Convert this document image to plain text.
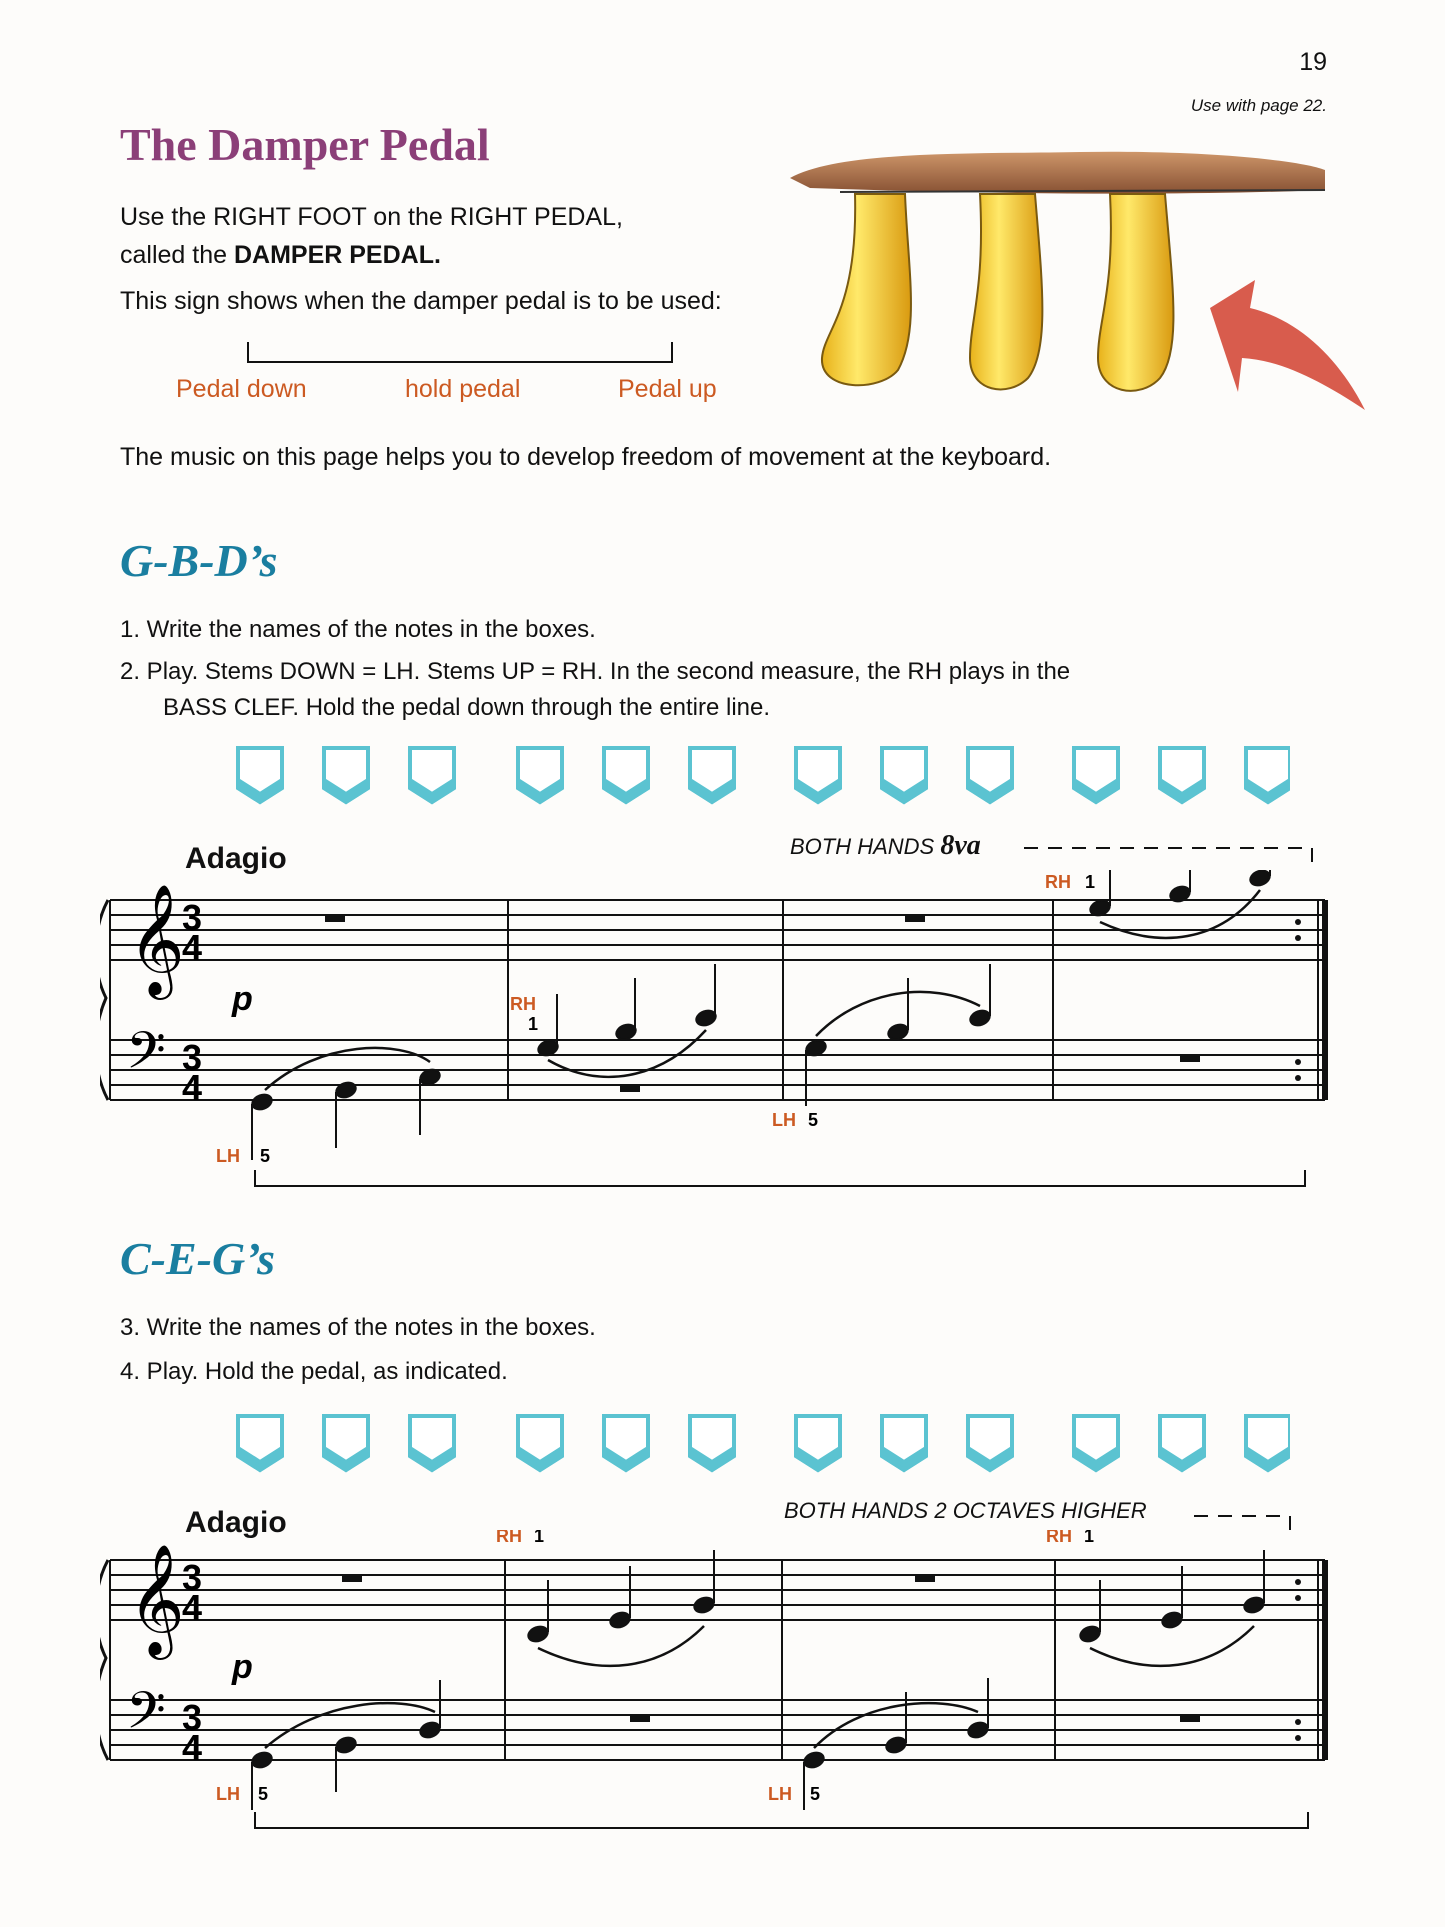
19
Use with page 22.
The Damper Pedal
Use the RIGHT FOOT on the RIGHT PEDAL,
called the DAMPER PEDAL.
This sign shows when the damper pedal is to be used:
Pedal down	hold pedal	Pedal up
The music on this page helps you to develop freedom of movement at the keyboard.
G-B-D’s
1. Write the names of the notes in the boxes.
2. Play. Stems DOWN = LH. Stems UP = RH. In the second measure, the RH plays in the
BASS CLEF. Hold the pedal down through the entire line.
Adagio	BOTH HANDS 8va
𝄞
𝄢
3
4
3
4
p
LH 5
RH
1
LH 5
RH 1
C-E-G’s
3. Write the names of the notes in the boxes.
4. Play. Hold the pedal, as indicated.
Adagio	BOTH HANDS 2 OCTAVES HIGHER
𝄞
𝄢
3
4
3
4
p
LH 5
RH 1
LH 5
RH 1
